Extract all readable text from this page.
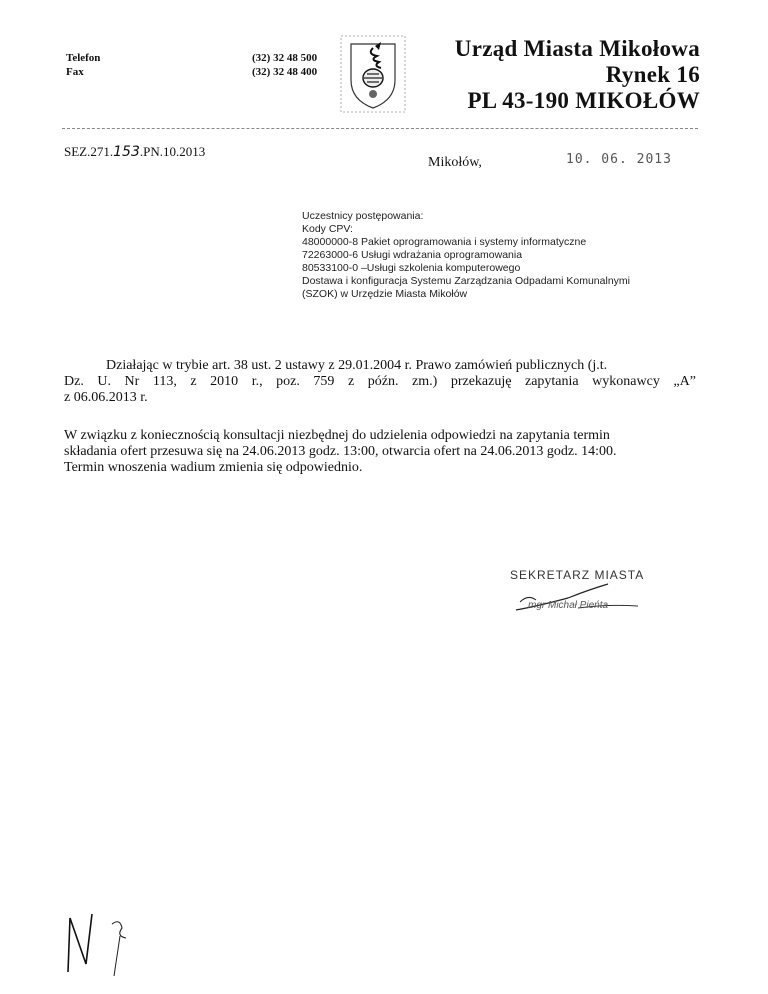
Telefon
Fax
(32) 32 48 500
(32) 32 48 400
Urząd Miasta Mikołowa
Rynek 16
PL 43-190 MIKOŁÓW
SEZ.271.153.PN.10.2013
Mikołów,	10. 06. 2013
Uczestnicy postępowania:
Kody CPV:
48000000-8 Pakiet oprogramowania i systemy informatyczne
72263000-6 Usługi wdrażania oprogramowania
80533100-0 –Usługi szkolenia komputerowego
Dostawa i konfiguracja Systemu Zarządzania Odpadami Komunalnymi
(SZOK) w Urzędzie Miasta Mikołów
Działając w trybie art. 38 ust. 2 ustawy z 29.01.2004 r. Prawo zamówień publicznych (j.t.
Dz. U. Nr 113, z 2010 r., poz. 759 z późn. zm.) przekazuję zapytania wykonawcy „A”
z 06.06.2013 r.
W związku z koniecznością konsultacji niezbędnej do udzielenia odpowiedzi na zapytania termin
składania ofert przesuwa się na 24.06.2013 godz. 13:00, otwarcia ofert na 24.06.2013 godz. 14:00.
Termin wnoszenia wadium zmienia się odpowiednio.
SEKRETARZ MIASTA
mgr Michał Pieńta
